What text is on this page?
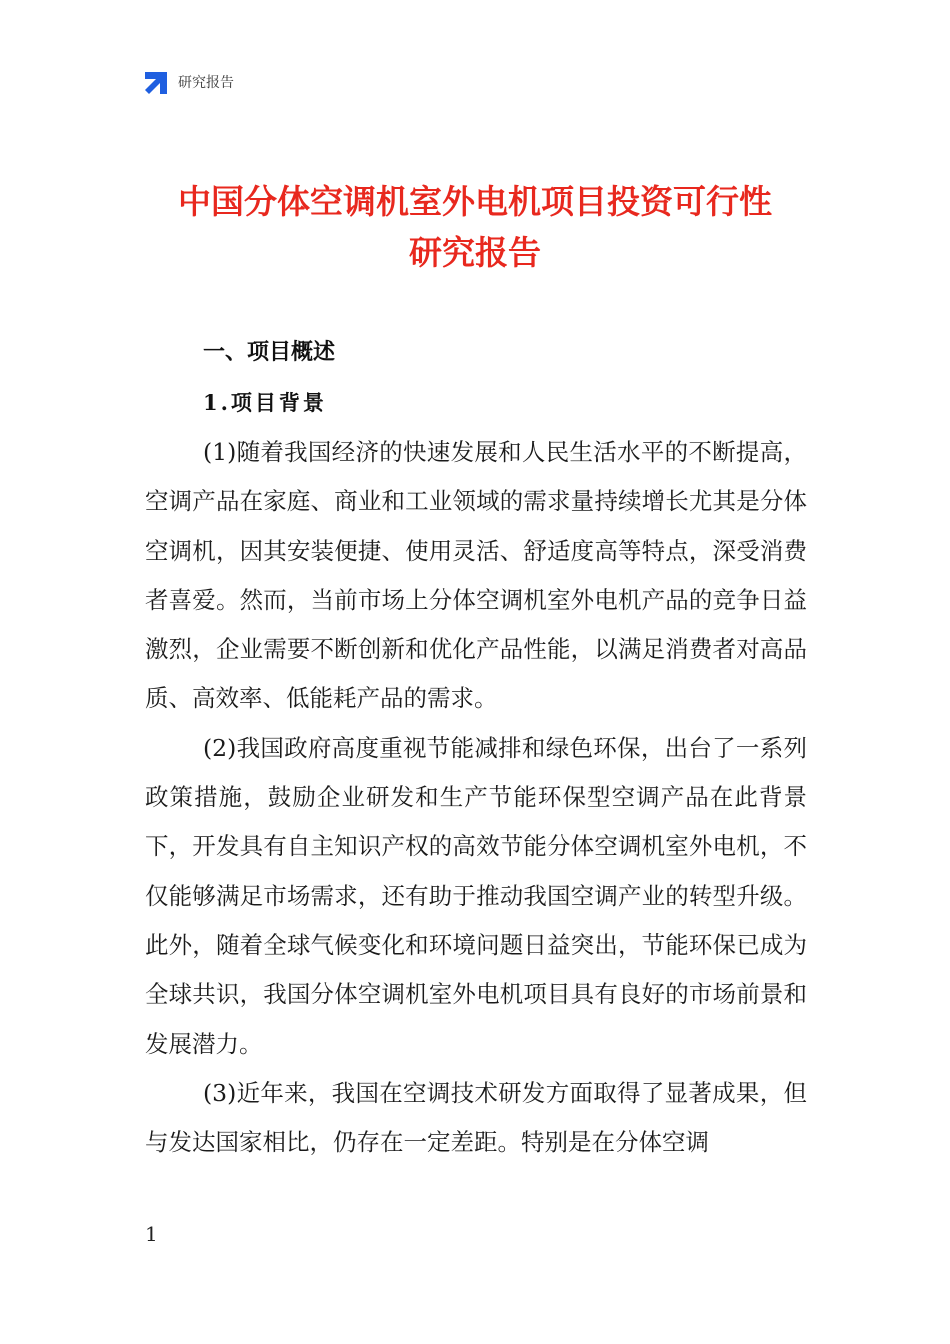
研究报告
中国分体空调机室外电机项目投资可行性
研究报告
一、项目概述
1.项目背景

(1)随着我国经济的快速发展和人民生活水平的不断提高，空调产品在家庭、商业和工业领域的需求量持续增长尤其是分体空调机，因其安装便捷、使用灵活、舒适度高等特点，深受消费者喜爱。然而，当前市场上分体空调机室外电机产品的竞争日益激烈，企业需要不断创新和优化产品性能，以满足消费者对高品质、高效率、低能耗产品的需求。

(2)我国政府高度重视节能减排和绿色环保，出台了一系列政策措施，鼓励企业研发和生产节能环保型空调产品在此背景下，开发具有自主知识产权的高效节能分体空调机室外电机，不仅能够满足市场需求，还有助于推动我国空调产业的转型升级。此外，随着全球气候变化和环境问题日益突出，节能环保已成为全球共识，我国分体空调机室外电机项目具有良好的市场前景和发展潜力。

(3)近年来，我国在空调技术研发方面取得了显著成果，但与发达国家相比，仍存在一定差距。特别是在分体空调

1
